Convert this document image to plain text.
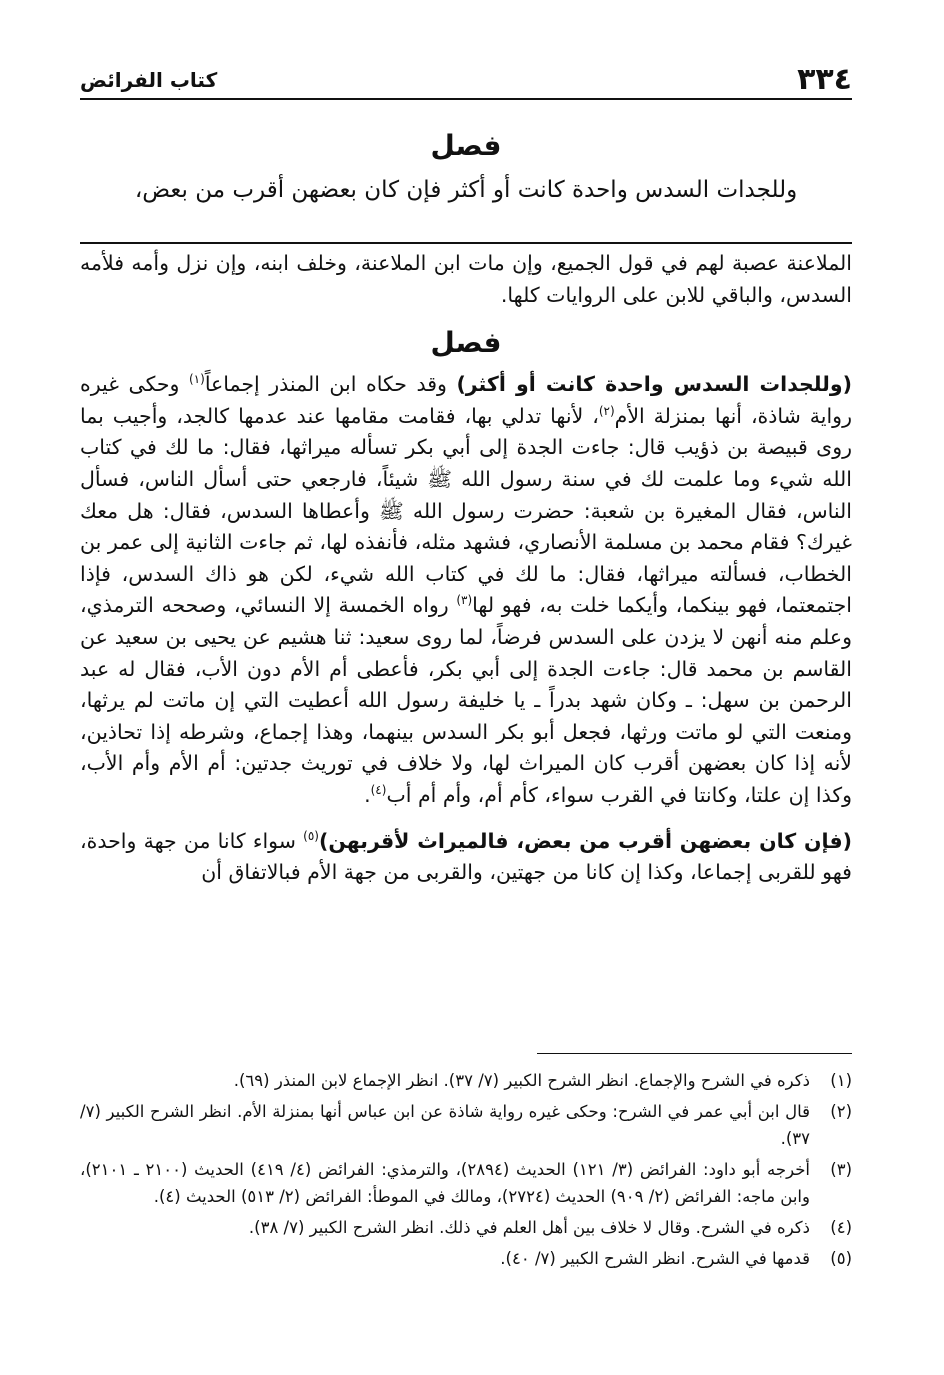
٣٣٤
كتاب الفرائض
فصل

وللجدات السدس واحدة كانت أو أكثر فإن كان بعضهن أقرب من بعض،

الملاعنة عصبة لهم في قول الجميع، وإن مات ابن الملاعنة، وخلف ابنه، وإن نزل وأمه فلأمه السدس، والباقي للابن على الروايات كلها.

فصل

(وللجدات السدس واحدة كانت أو أكثر) وقد حكاه ابن المنذر إجماعاً$^{(١)}$ وحكى غيره رواية شاذة، أنها بمنزلة الأم$^{(٢)}$، لأنها تدلي بها، فقامت مقامها عند عدمها كالجد، وأجيب بما روى قبيصة بن ذؤيب قال: جاءت الجدة إلى أبي بكر تسأله ميراثها، فقال: ما لك في كتاب الله شيء وما علمت لك في سنة رسول الله ﷺ شيئاً، فارجعي حتى أسأل الناس، فسأل الناس، فقال المغيرة بن شعبة: حضرت رسول الله ﷺ وأعطاها السدس، فقال: هل معك غيرك؟ فقام محمد بن مسلمة الأنصاري، فشهد مثله، فأنفذه لها، ثم جاءت الثانية إلى عمر بن الخطاب، فسألته ميراثها، فقال: ما لك في كتاب الله شيء، لكن هو ذاك السدس، فإذا اجتمعتما، فهو بينكما، وأيكما خلت به، فهو لها$^{(٣)}$ رواه الخمسة إلا النسائي، وصححه الترمذي، وعلم منه أنهن لا يزدن على السدس فرضاً، لما روى سعيد: ثنا هشيم عن يحيى بن سعيد عن القاسم بن محمد قال: جاءت الجدة إلى أبي بكر، فأعطى أم الأم دون الأب، فقال له عبد الرحمن بن سهل: ـ وكان شهد بدراً ـ يا خليفة رسول الله أعطيت التي إن ماتت لم يرثها، ومنعت التي لو ماتت ورثها، فجعل أبو بكر السدس بينهما، وهذا إجماع، وشرطه إذا تحاذين، لأنه إذا كان بعضهن أقرب كان الميراث لها، ولا خلاف في توريث جدتين: أم الأم وأم الأب، وكذا إن علتا، وكانتا في القرب سواء، كأم أم، وأم أم أب$^{(٤)}$.

(فإن كان بعضهن أقرب من بعض، فالميراث لأقربهن)$^{(٥)}$ سواء كانا من جهة واحدة، فهو للقربى إجماعا، وكذا إن كانا من جهتين، والقربى من جهة الأم فبالاتفاق أن

(١)
ذكره في الشرح والإجماع. انظر الشرح الكبير (٧/ ٣٧). انظر الإجماع لابن المنذر (٦٩).
(٢)
قال ابن أبي عمر في الشرح: وحكى غيره رواية شاذة عن ابن عباس أنها بمنزلة الأم. انظر الشرح الكبير (٧/ ٣٧).
(٣)
أخرجه أبو داود: الفرائض (٣/ ١٢١) الحديث (٢٨٩٤)، والترمذي: الفرائض (٤/ ٤١٩) الحديث (٢١٠٠ ـ ٢١٠١)، وابن ماجه: الفرائض (٢/ ٩٠٩) الحديث (٢٧٢٤)، ومالك في الموطأ: الفرائض (٢/ ٥١٣) الحديث (٤).
(٤)
ذكره في الشرح. وقال لا خلاف بين أهل العلم في ذلك. انظر الشرح الكبير (٧/ ٣٨).
(٥)
قدمها في الشرح. انظر الشرح الكبير (٧/ ٤٠).
